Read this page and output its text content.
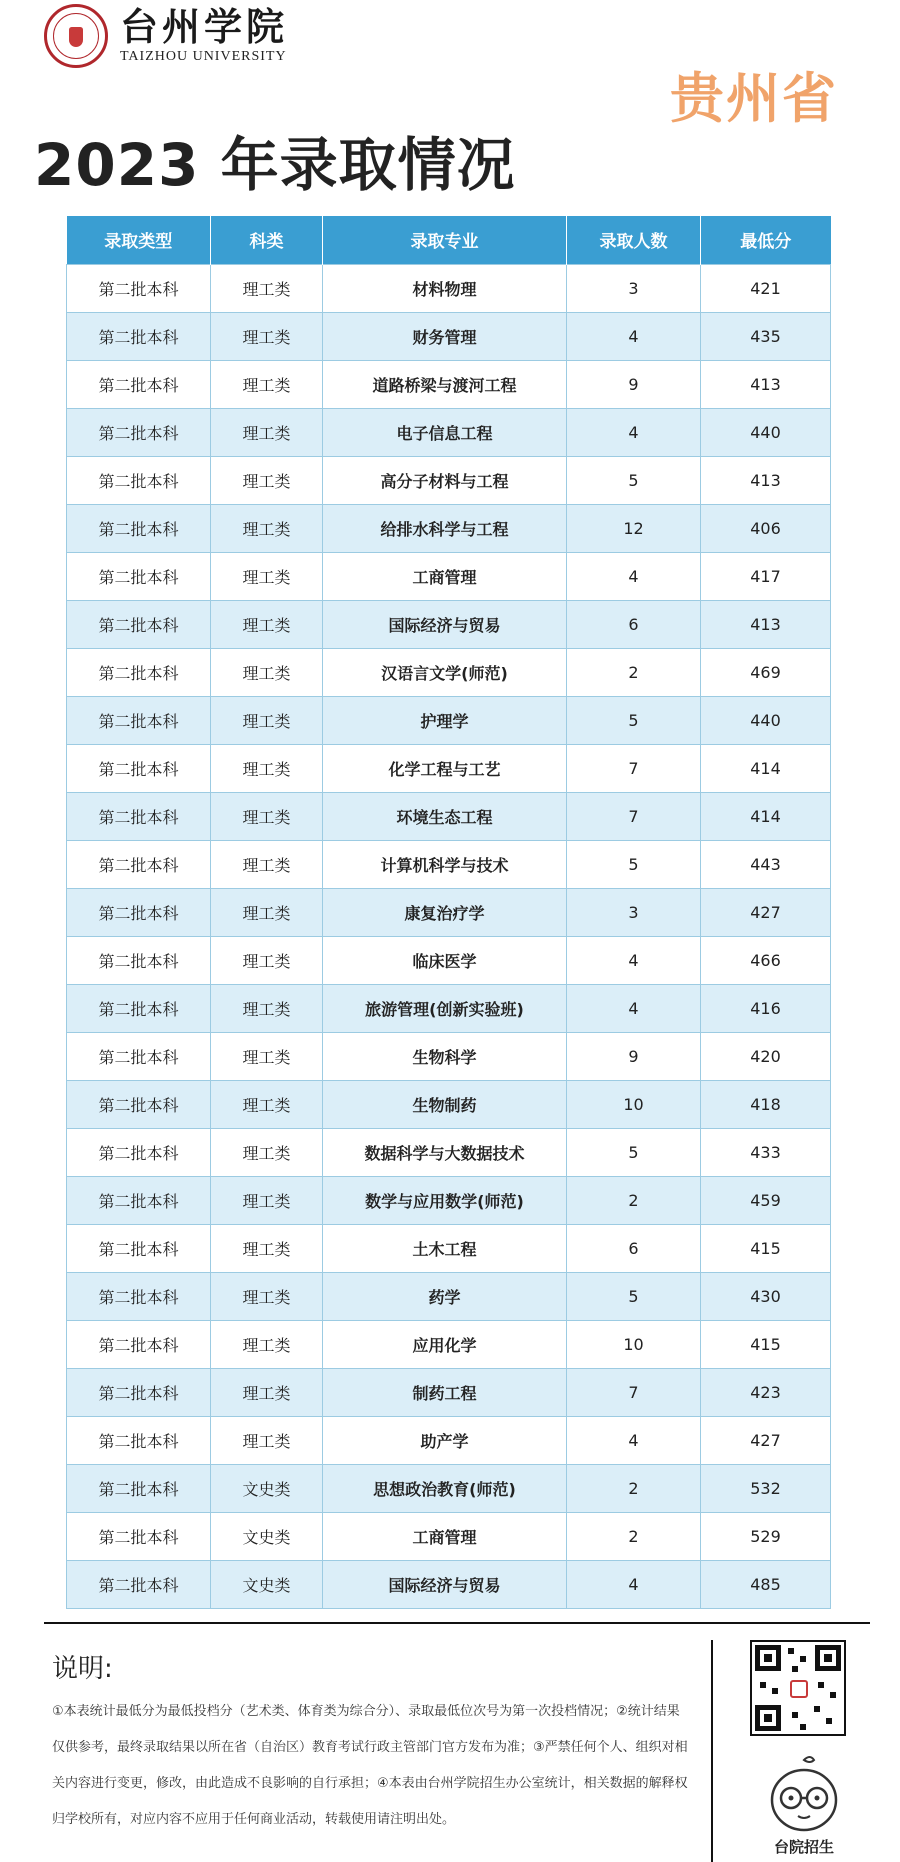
台州学院
TAIZHOU UNIVERSITY
贵州省
2023 年录取情况
录取类型	科类	录取专业	录取人数	最低分
第二批本科	理工类	材料物理	3	421
第二批本科	理工类	财务管理	4	435
第二批本科	理工类	道路桥梁与渡河工程	9	413
第二批本科	理工类	电子信息工程	4	440
第二批本科	理工类	高分子材料与工程	5	413
第二批本科	理工类	给排水科学与工程	12	406
第二批本科	理工类	工商管理	4	417
第二批本科	理工类	国际经济与贸易	6	413
第二批本科	理工类	汉语言文学(师范)	2	469
第二批本科	理工类	护理学	5	440
第二批本科	理工类	化学工程与工艺	7	414
第二批本科	理工类	环境生态工程	7	414
第二批本科	理工类	计算机科学与技术	5	443
第二批本科	理工类	康复治疗学	3	427
第二批本科	理工类	临床医学	4	466
第二批本科	理工类	旅游管理(创新实验班)	4	416
第二批本科	理工类	生物科学	9	420
第二批本科	理工类	生物制药	10	418
第二批本科	理工类	数据科学与大数据技术	5	433
第二批本科	理工类	数学与应用数学(师范)	2	459
第二批本科	理工类	土木工程	6	415
第二批本科	理工类	药学	5	430
第二批本科	理工类	应用化学	10	415
第二批本科	理工类	制药工程	7	423
第二批本科	理工类	助产学	4	427
第二批本科	文史类	思想政治教育(师范)	2	532
第二批本科	文史类	工商管理	2	529
第二批本科	文史类	国际经济与贸易	4	485
说明:
①本表统计最低分为最低投档分（艺术类、体育类为综合分）、录取最低位次号为第一次投档情况；②统计结果仅供参考，最终录取结果以所在省（自治区）教育考试行政主管部门官方发布为准；③严禁任何个人、组织对相关内容进行变更，修改，由此造成不良影响的自行承担；④本表由台州学院招生办公室统计，相关数据的解释权归学校所有，对应内容不应用于任何商业活动，转载使用请注明出处。
台院招生
